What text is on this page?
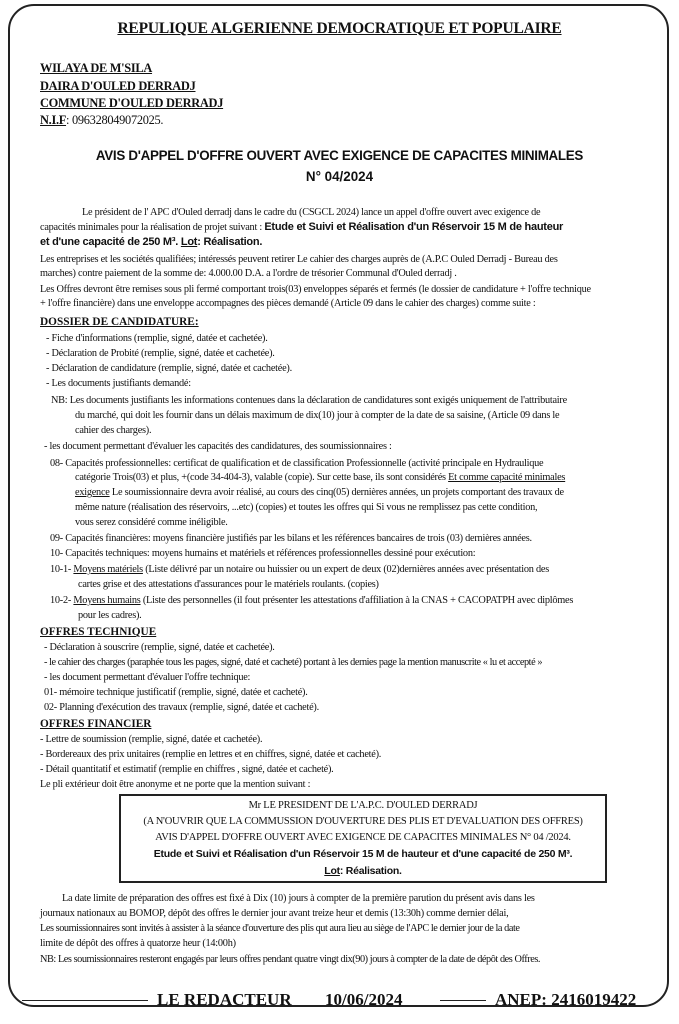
REPULIQUE ALGERIENNE DEMOCRATIQUE ET POPULAIRE
WILAYA DE M'SILA
DAIRA D'OULED DERRADJ
COMMUNE D'OULED DERRADJ
N.I.F: 096328049072025.
AVIS D'APPEL D'OFFRE OUVERT AVEC EXIGENCE DE CAPACITES MINIMALES
N° 04/2024
Le président de l' APC d'Ouled derradj dans le cadre du (CSGCL 2024) lance un appel d'offre ouvert avec exigence de
capacités minimales pour la réalisation de projet suivant : Etude et Suivi et Réalisation d'un Réservoir 15 M de hauteur
et d'une capacité de 250 M³. Lot: Réalisation.
Les entreprises et les sociétés qualifiées; intéressés peuvent retirer Le cahier des charges auprès de (A.P.C Ouled Derradj - Bureau des
marches) contre paiement de la somme de: 4.000.00 D.A. a l'ordre de trésorier Communal d'Ouled derradj .
Les Offres devront être remises sous pli fermé comportant trois(03) enveloppes séparés et fermés (le dossier de candidature + l'offre technique
+ l'offre financière) dans une enveloppe accompagnes des pièces demandé (Article 09 dans le cahier des charges) comme suite :
DOSSIER DE CANDIDATURE:
- Fiche d'informations (remplie, signé, datée et cachetée).
- Déclaration de Probité (remplie, signé, datée et cachetée).
- Déclaration de candidature (remplie, signé, datée et cachetée).
- Les documents justifiants demandé:
NB: Les documents justifiants les informations contenues dans la déclaration de candidatures sont exigés uniquement de l'attributaire
du marché, qui doit les fournir dans un délais maximum de dix(10) jour à compter de la date de sa saisine, (Article 09 dans le
cahier des charges).
- les document permettant d'évaluer les capacités des candidatures, des soumissionnaires :
08- Capacités professionnelles: certificat de qualification et de classification Professionnelle (activité principale en Hydraulique
catégorie Trois(03) et plus, +(code 34-404-3), valable (copie). Sur cette base, ils sont considérés Et comme capacité minimales
exigence Le soumissionnaire devra avoir réalisé, au cours des cinq(05) dernières années, un projets comportant des travaux de
même nature (réalisation des réservoirs, ...etc) (copies) et toutes les offres qui Si vous ne remplissez pas cette condition,
vous serez considéré comme inéligible.
09- Capacités financières: moyens financière justifiés par les bilans et les références bancaires de trois (03) dernières années.
10- Capacités techniques: moyens humains et matériels et références professionnelles dessiné pour exécution:
10-1- Moyens matériels (Liste délivré par un notaire ou huissier ou un expert de deux (02)dernières années avec présentation des
cartes grise et des attestations d'assurances pour le matériels roulants. (copies)
10-2- Moyens humains (Liste des personnelles (il fout présenter les attestations d'affiliation à la CNAS + CACOPATPH avec diplômes
pour les cadres).
OFFRES TECHNIQUE
- Déclaration à souscrire (remplie, signé, datée et cachetée).
- le cahier des charges (paraphée tous les pages, signé, daté et cacheté) portant à les dernies page la mention manuscrite « lu et accepté »
- les document permettant d'évaluer l'offre technique:
01- mémoire technique justificatif (remplie, signé, datée et cacheté).
02- Planning d'exécution des travaux (remplie, signé, datée et cacheté).
OFFRES FINANCIER
- Lettre de soumission (remplie, signé, datée et cachetée).
- Bordereaux des prix unitaires (remplie en lettres et en chiffres, signé, datée et cacheté).
- Détail quantitatif et estimatif (remplie en chiffres , signé, datée et cacheté).
Le pli extérieur doit être anonyme et ne porte que la mention suivant :
Mr LE PRESIDENT DE L'A.P.C. D'OULED DERRADJ
(A N'OUVRIR QUE LA COMMUSSION D'OUVERTURE DES PLIS ET D'EVALUATION DES OFFRES)
AVIS D'APPEL D'OFFRE OUVERT AVEC EXIGENCE DE CAPACITES MINIMALES N° 04 /2024.
Etude et Suivi et Réalisation d'un Réservoir 15 M de hauteur et d'une capacité de 250 M³.
Lot: Réalisation.
La date limite de préparation des offres est fixé à Dix (10) jours à compter de la première parution du présent avis dans les
journaux nationaux au BOMOP, dépôt des offres le dernier jour avant treize heur et demis (13:30h) comme dernier délai,
Les soumissionnaires sont invités à assister à la séance d'ouverture des plis qut aura lieu au siège de l'APC le dernier jour de la date
limite de dépôt des offres à quatorze heur (14:00h)
NB: Les soumissionnaires resteront engagés par leurs offres pendant quatre vingt dix(90) jours à compter de la date de dépôt des Offres.
LE REDACTEUR 10/06/2024	ANEP: 2416019422
